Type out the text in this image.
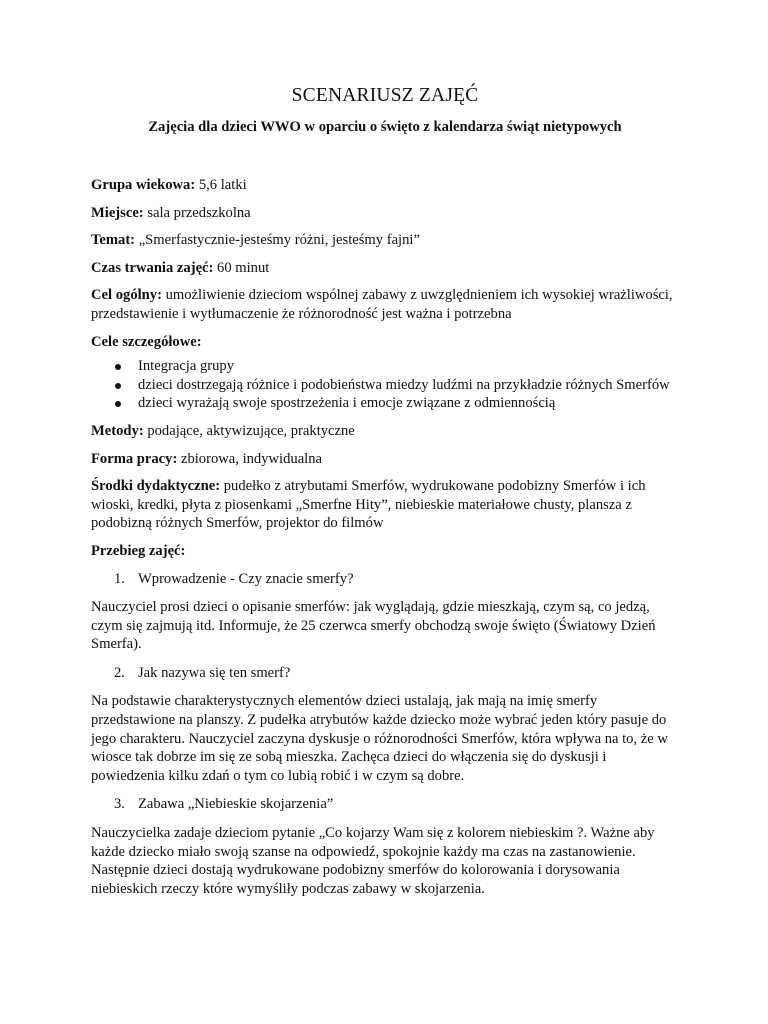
SCENARIUSZ ZAJĘĆ
Zajęcia dla dzieci WWO w oparciu o święto z kalendarza świąt nietypowych
Grupa wiekowa: 5,6 latki
Miejsce: sala przedszkolna
Temat: „Smerfastycznie-jesteśmy różni, jesteśmy fajni”
Czas trwania zajęć: 60 minut
Cel ogólny: umożliwienie dzieciom wspólnej zabawy z uwzględnieniem ich wysokiej wrażliwości, przedstawienie i wytłumaczenie że różnorodność jest ważna i potrzebna
Cele szczegółowe:
Integracja grupy
dzieci dostrzegają różnice i podobieństwa miedzy ludźmi na przykładzie różnych Smerfów
dzieci wyrażają swoje spostrzeżenia i emocje związane z odmiennością
Metody: podające, aktywizujące, praktyczne
Forma pracy: zbiorowa, indywidualna
Środki dydaktyczne: pudełko z atrybutami Smerfów, wydrukowane podobizny Smerfów i ich wioski, kredki, płyta z piosenkami „Smerfne Hity”, niebieskie materiałowe chusty, plansza z podobizną różnych Smerfów, projektor do filmów
Przebieg zajęć:
1. Wprowadzenie - Czy znacie smerfy?
Nauczyciel prosi dzieci o opisanie smerfów: jak wyglądają, gdzie mieszkają, czym są, co jedzą, czym się zajmują itd. Informuje, że 25 czerwca smerfy obchodzą swoje święto (Światowy Dzień Smerfa).
2. Jak nazywa się ten smerf?
Na podstawie charakterystycznych elementów dzieci ustalają, jak mają na imię smerfy przedstawione na planszy. Z pudełka atrybutów każde dziecko może wybrać jeden który pasuje do jego charakteru. Nauczyciel zaczyna dyskusje o różnorodności Smerfów, która wpływa na to, że w wiosce tak dobrze im się ze sobą mieszka. Zachęca dzieci do włączenia się do dyskusji i powiedzenia kilku zdań o tym co lubią robić i w czym są dobre.
3. Zabawa „Niebieskie skojarzenia”
Nauczycielka zadaje dzieciom pytanie „Co kojarzy Wam się z kolorem niebieskim ?. Ważne aby każde dziecko miało swoją szanse na odpowiedź, spokojnie każdy ma czas na zastanowienie. Następnie dzieci dostają wydrukowane podobizny smerfów do kolorowania i dorysowania niebieskich rzeczy które wymyśliły podczas zabawy w skojarzenia.
